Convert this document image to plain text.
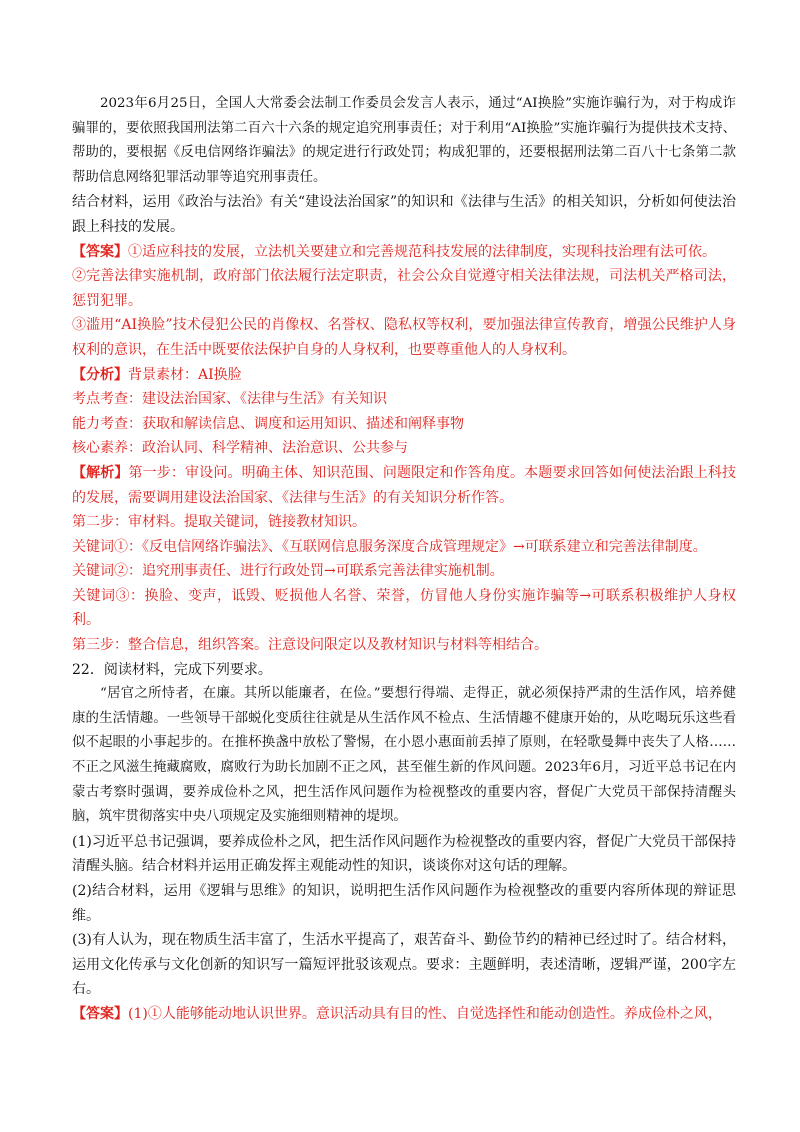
2023年6月25日，全国人大常委会法制工作委员会发言人表示，通过“AI换脸”实施诈骗行为，对于构成诈骗罪的，要依照我国刑法第二百六十六条的规定追究刑事责任；对于利用“AI换脸”实施诈骗行为提供技术支持、帮助的，要根据《反电信网络诈骗法》的规定进行行政处罚；构成犯罪的，还要根据刑法第二百八十七条第二款帮助信息网络犯罪活动罪等追究刑事责任。

结合材料，运用《政治与法治》有关“建设法治国家”的知识和《法律与生活》的相关知识，分析如何使法治跟上科技的发展。

【答案】①适应科技的发展，立法机关要建立和完善规范科技发展的法律制度，实现科技治理有法可依。

②完善法律实施机制，政府部门依法履行法定职责，社会公众自觉遵守相关法律法规，司法机关严格司法，惩罚犯罪。

③滥用“AI换脸”技术侵犯公民的肖像权、名誉权、隐私权等权利，要加强法律宣传教育，增强公民维护人身权利的意识，在生活中既要依法保护自身的人身权利，也要尊重他人的人身权利。

【分析】背景素材：AI换脸

考点考查：建设法治国家、《法律与生活》有关知识

能力考查：获取和解读信息、调度和运用知识、描述和阐释事物

核心素养：政治认同、科学精神、法治意识、公共参与

【解析】第一步：审设问。明确主体、知识范围、问题限定和作答角度。本题要求回答如何使法治跟上科技的发展，需要调用建设法治国家、《法律与生活》的有关知识分析作答。

第二步：审材料。提取关键词，链接教材知识。

关键词①：《反电信网络诈骗法》、《互联网信息服务深度合成管理规定》→可联系建立和完善法律制度。

关键词②：追究刑事责任、进行行政处罚→可联系完善法律实施机制。

关键词③：换脸、变声，诋毁、贬损他人名誉、荣誉，仿冒他人身份实施诈骗等→可联系积极维护人身权利。

第三步：整合信息，组织答案。注意设问限定以及教材知识与材料等相结合。

22．阅读材料，完成下列要求。

“居官之所恃者，在廉。其所以能廉者，在俭。”要想行得端、走得正，就必须保持严肃的生活作风，培养健康的生活情趣。一些领导干部蜕化变质往往就是从生活作风不检点、生活情趣不健康开始的，从吃喝玩乐这些看似不起眼的小事起步的。在推杯换盏中放松了警惕，在小恩小惠面前丢掉了原则，在轻歌曼舞中丧失了人格……不正之风滋生掩藏腐败，腐败行为助长加剧不正之风，甚至催生新的作风问题。2023年6月，习近平总书记在内蒙古考察时强调，要养成俭朴之风，把生活作风问题作为检视整改的重要内容，督促广大党员干部保持清醒头脑，筑牢贯彻落实中央八项规定及实施细则精神的堤坝。

(1)习近平总书记强调，要养成俭朴之风，把生活作风问题作为检视整改的重要内容，督促广大党员干部保持清醒头脑。结合材料并运用正确发挥主观能动性的知识，谈谈你对这句话的理解。

(2)结合材料，运用《逻辑与思维》的知识，说明把生活作风问题作为检视整改的重要内容所体现的辩证思维。

(3)有人认为，现在物质生活丰富了，生活水平提高了，艰苦奋斗、勤俭节约的精神已经过时了。结合材料，运用文化传承与文化创新的知识写一篇短评批驳该观点。要求：主题鲜明，表述清晰，逻辑严谨，200字左右。

【答案】(1)①人能够能动地认识世界。意识活动具有目的性、自觉选择性和能动创造性。养成俭朴之风，
